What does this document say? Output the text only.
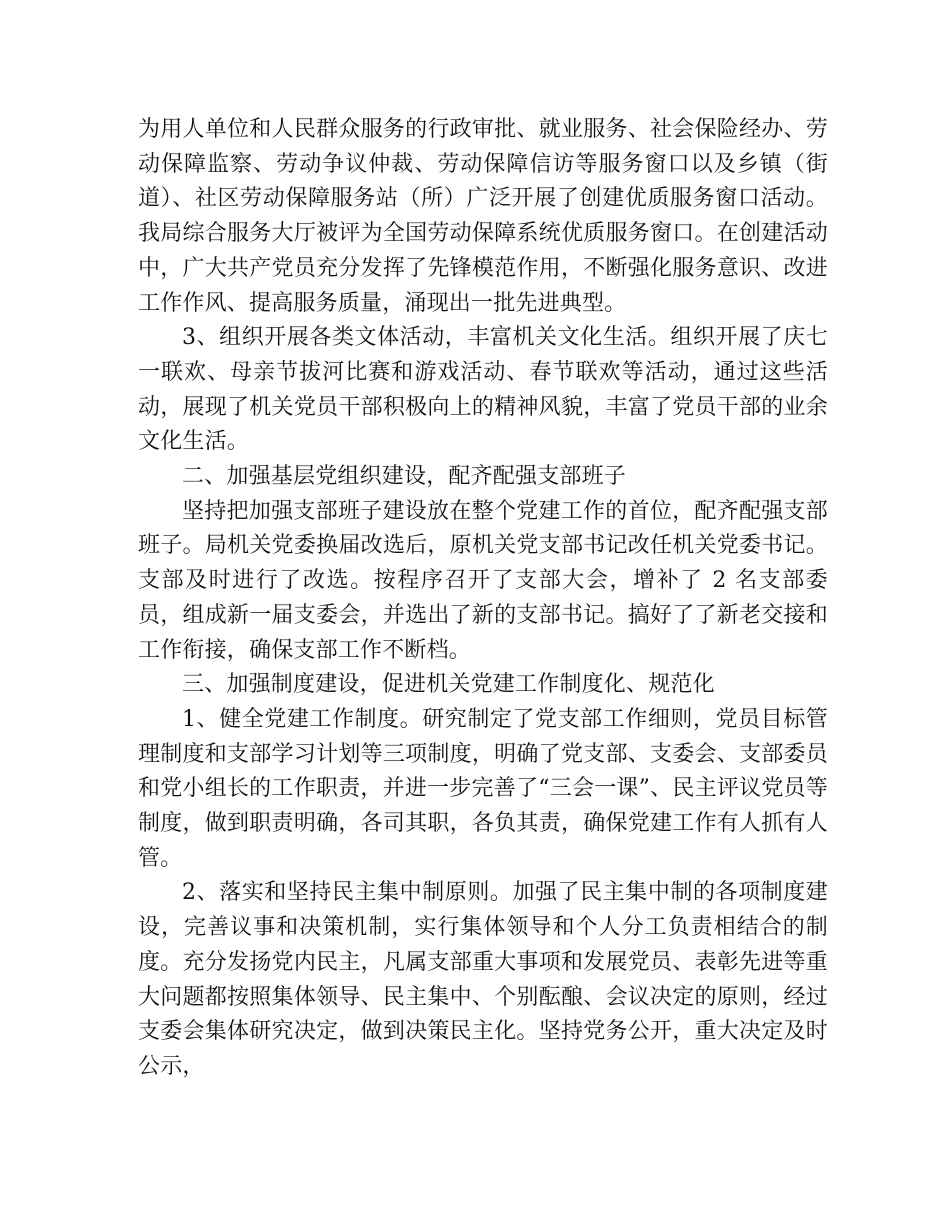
为用人单位和人民群众服务的行政审批、就业服务、社会保险经办、劳动保障监察、劳动争议仲裁、劳动保障信访等服务窗口以及乡镇（街道）、社区劳动保障服务站（所）广泛开展了创建优质服务窗口活动。我局综合服务大厅被评为全国劳动保障系统优质服务窗口。在创建活动中，广大共产党员充分发挥了先锋模范作用，不断强化服务意识、改进工作作风、提高服务质量，涌现出一批先进典型。

3、组织开展各类文体活动，丰富机关文化生活。组织开展了庆七一联欢、母亲节拔河比赛和游戏活动、春节联欢等活动，通过这些活动，展现了机关党员干部积极向上的精神风貌，丰富了党员干部的业余文化生活。

二、加强基层党组织建设，配齐配强支部班子

坚持把加强支部班子建设放在整个党建工作的首位，配齐配强支部班子。局机关党委换届改选后，原机关党支部书记改任机关党委书记。支部及时进行了改选。按程序召开了支部大会，增补了 2 名支部委员，组成新一届支委会，并选出了新的支部书记。搞好了了新老交接和工作衔接，确保支部工作不断档。

三、加强制度建设，促进机关党建工作制度化、规范化

1、健全党建工作制度。研究制定了党支部工作细则，党员目标管理制度和支部学习计划等三项制度，明确了党支部、支委会、支部委员和党小组长的工作职责，并进一步完善了“三会一课”、民主评议党员等制度，做到职责明确，各司其职，各负其责，确保党建工作有人抓有人管。

2、落实和坚持民主集中制原则。加强了民主集中制的各项制度建设，完善议事和决策机制，实行集体领导和个人分工负责相结合的制度。充分发扬党内民主，凡属支部重大事项和发展党员、表彰先进等重大问题都按照集体领导、民主集中、个别酝酿、会议决定的原则，经过支委会集体研究决定，做到决策民主化。坚持党务公开，重大决定及时公示，
